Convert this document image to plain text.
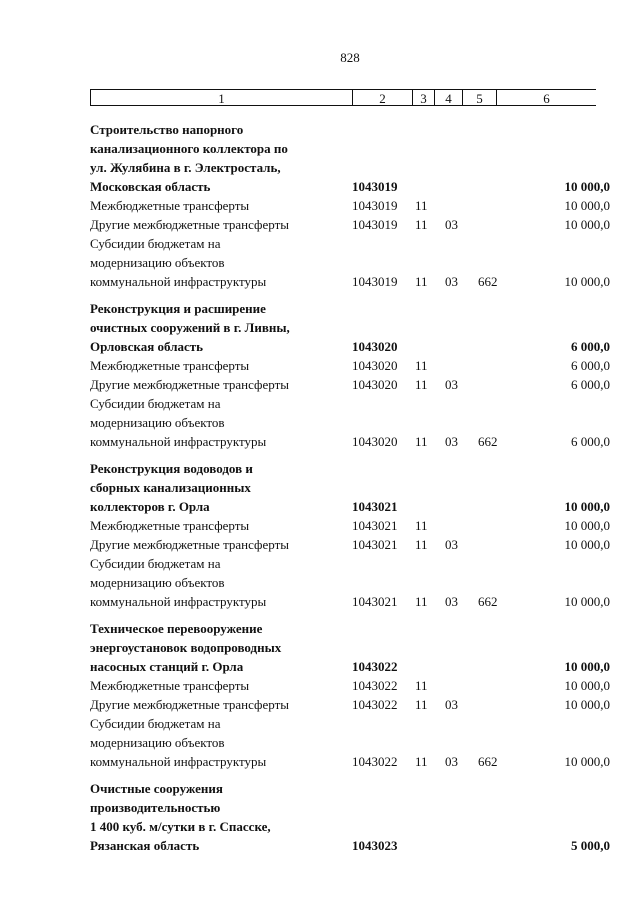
828
1	2	3	4	5	6
Строительство напорного
канализационного коллектора по
ул. Жулябина в г. Электросталь,
Московская область	1043019	10 000,0
Межбюджетные трансферты	1043019 11	10 000,0
Другие межбюджетные трансферты	1043019 11 03	10 000,0
Субсидии бюджетам на
модернизацию объектов
коммунальной инфраструктуры	1043019 11 03 662	10 000,0
Реконструкция и расширение
очистных сооружений в г. Ливны,
Орловская область	1043020	6 000,0
Межбюджетные трансферты	1043020 11	6 000,0
Другие межбюджетные трансферты	1043020 11 03	6 000,0
Субсидии бюджетам на
модернизацию объектов
коммунальной инфраструктуры	1043020 11 03 662	6 000,0
Реконструкция водоводов и
сборных канализационных
коллекторов г. Орла	1043021	10 000,0
Межбюджетные трансферты	1043021 11	10 000,0
Другие межбюджетные трансферты	1043021 11 03	10 000,0
Субсидии бюджетам на
модернизацию объектов
коммунальной инфраструктуры	1043021 11 03 662	10 000,0
Техническое перевооружение
энергоустановок водопроводных
насосных станций г. Орла	1043022	10 000,0
Межбюджетные трансферты	1043022 11	10 000,0
Другие межбюджетные трансферты	1043022 11 03	10 000,0
Субсидии бюджетам на
модернизацию объектов
коммунальной инфраструктуры	1043022 11 03 662	10 000,0
Очистные сооружения
производительностью
1 400 куб. м/сутки в г. Спасске,
Рязанская область	1043023	5 000,0
